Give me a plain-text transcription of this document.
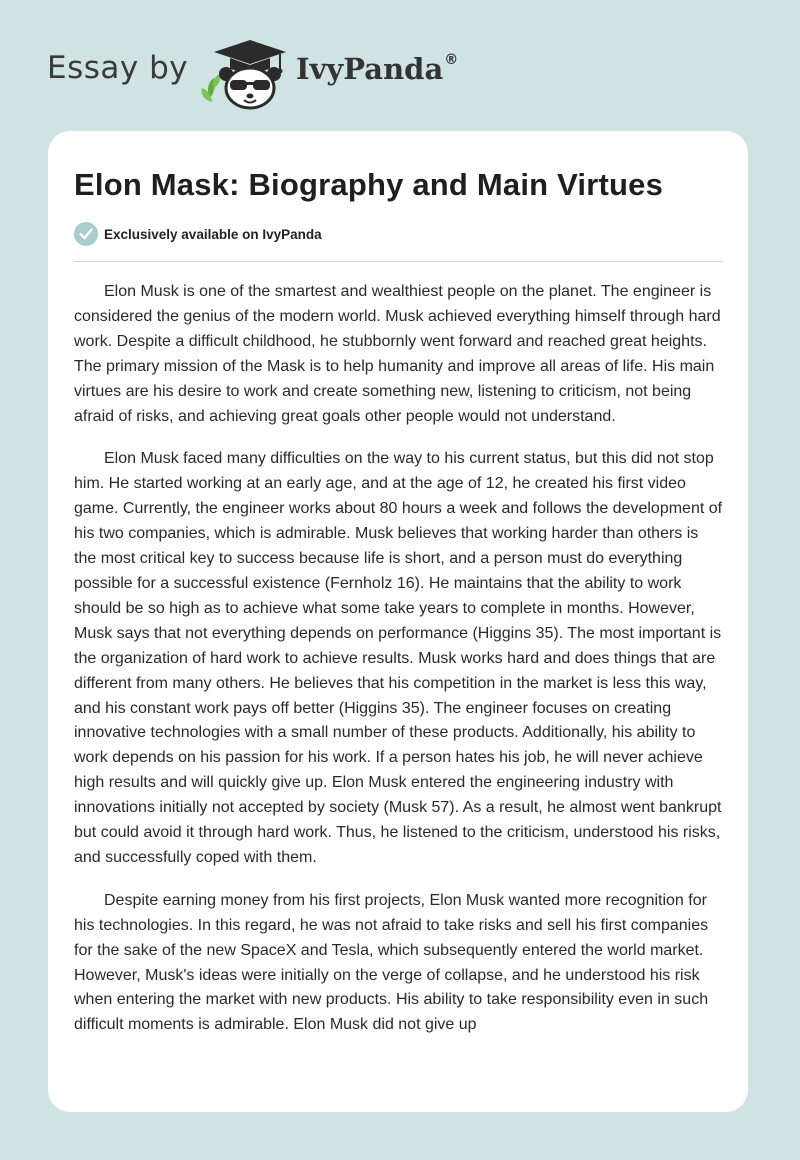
Essay by	IvyPanda®
Elon Mask: Biography and Main Virtues
Exclusively available on IvyPanda

Elon Musk is one of the smartest and wealthiest people on the planet. The engineer is considered the genius of the modern world. Musk achieved everything himself through hard work. Despite a difficult childhood, he stubbornly went forward and reached great heights. The primary mission of the Mask is to help humanity and improve all areas of life. His main virtues are his desire to work and create something new, listening to criticism, not being afraid of risks, and achieving great goals other people would not understand.

Elon Musk faced many difficulties on the way to his current status, but this did not stop him. He started working at an early age, and at the age of 12, he created his first video game. Currently, the engineer works about 80 hours a week and follows the development of his two companies, which is admirable. Musk believes that working harder than others is the most critical key to success because life is short, and a person must do everything possible for a successful existence (Fernholz 16). He maintains that the ability to work should be so high as to achieve what some take years to complete in months. However, Musk says that not everything depends on performance (Higgins 35). The most important is the organization of hard work to achieve results. Musk works hard and does things that are different from many others. He believes that his competition in the market is less this way, and his constant work pays off better (Higgins 35). The engineer focuses on creating innovative technologies with a small number of these products. Additionally, his ability to work depends on his passion for his work. If a person hates his job, he will never achieve high results and will quickly give up. Elon Musk entered the engineering industry with innovations initially not accepted by society (Musk 57). As a result, he almost went bankrupt but could avoid it through hard work. Thus, he listened to the criticism, understood his risks, and successfully coped with them.

Despite earning money from his first projects, Elon Musk wanted more recognition for his technologies. In this regard, he was not afraid to take risks and sell his first companies for the sake of the new SpaceX and Tesla, which subsequently entered the world market. However, Musk's ideas were initially on the verge of collapse, and he understood his risk when entering the market with new products. His ability to take responsibility even in such difficult moments is admirable. Elon Musk did not give up
